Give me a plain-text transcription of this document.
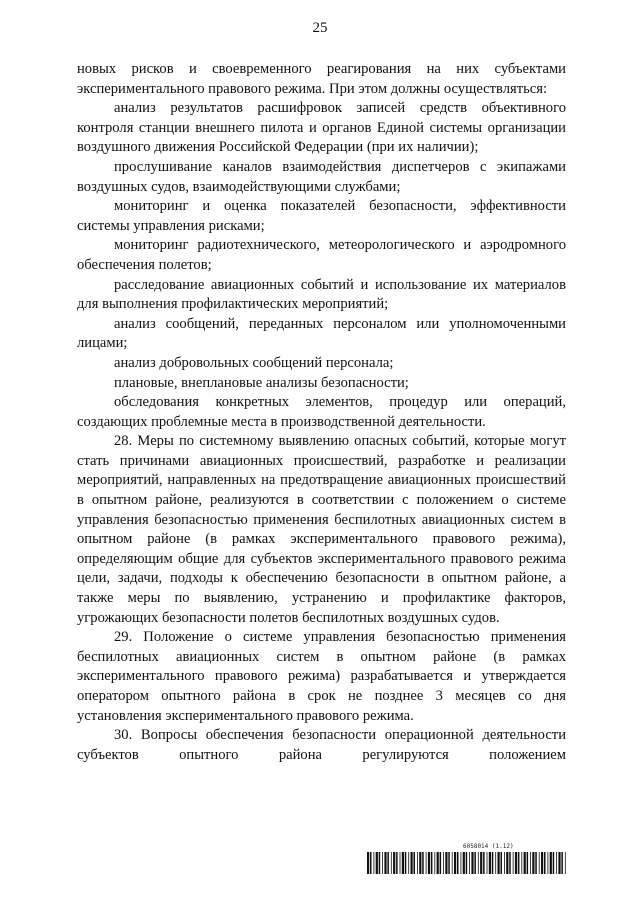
25

новых рисков и своевременного реагирования на них субъектами экспериментального правового режима. При этом должны осуществляться:

анализ результатов расшифровок записей средств объективного контроля станции внешнего пилота и органов Единой системы организации воздушного движения Российской Федерации (при их наличии);

прослушивание каналов взаимодействия диспетчеров с экипажами воздушных судов, взаимодействующими службами;

мониторинг и оценка показателей безопасности, эффективности системы управления рисками;

мониторинг радиотехнического, метеорологического и аэродромного обеспечения полетов;

расследование авиационных событий и использование их материалов для выполнения профилактических мероприятий;

анализ сообщений, переданных персоналом или уполномоченными лицами;

анализ добровольных сообщений персонала;

плановые, внеплановые анализы безопасности;

обследования конкретных элементов, процедур или операций, создающих проблемные места в производственной деятельности.

28. Меры по системному выявлению опасных событий, которые могут стать причинами авиационных происшествий, разработке и реализации мероприятий, направленных на предотвращение авиационных происшествий в опытном районе, реализуются в соответствии с положением о системе управления безопасностью применения беспилотных авиационных систем в опытном районе (в рамках экспериментального правового режима), определяющим общие для субъектов экспериментального правового режима цели, задачи, подходы к обеспечению безопасности в опытном районе, а также меры по выявлению, устранению и профилактике факторов, угрожающих безопасности полетов беспилотных воздушных судов.

29. Положение о системе управления безопасностью применения беспилотных авиационных систем в опытном районе (в рамках экспериментального правового режима) разрабатывается и утверждается оператором опытного района в срок не позднее 3 месяцев со дня установления экспериментального правового режима.

30. Вопросы обеспечения безопасности операционной деятельности субъектов опытного района регулируются положением

6058014 (1.12)
